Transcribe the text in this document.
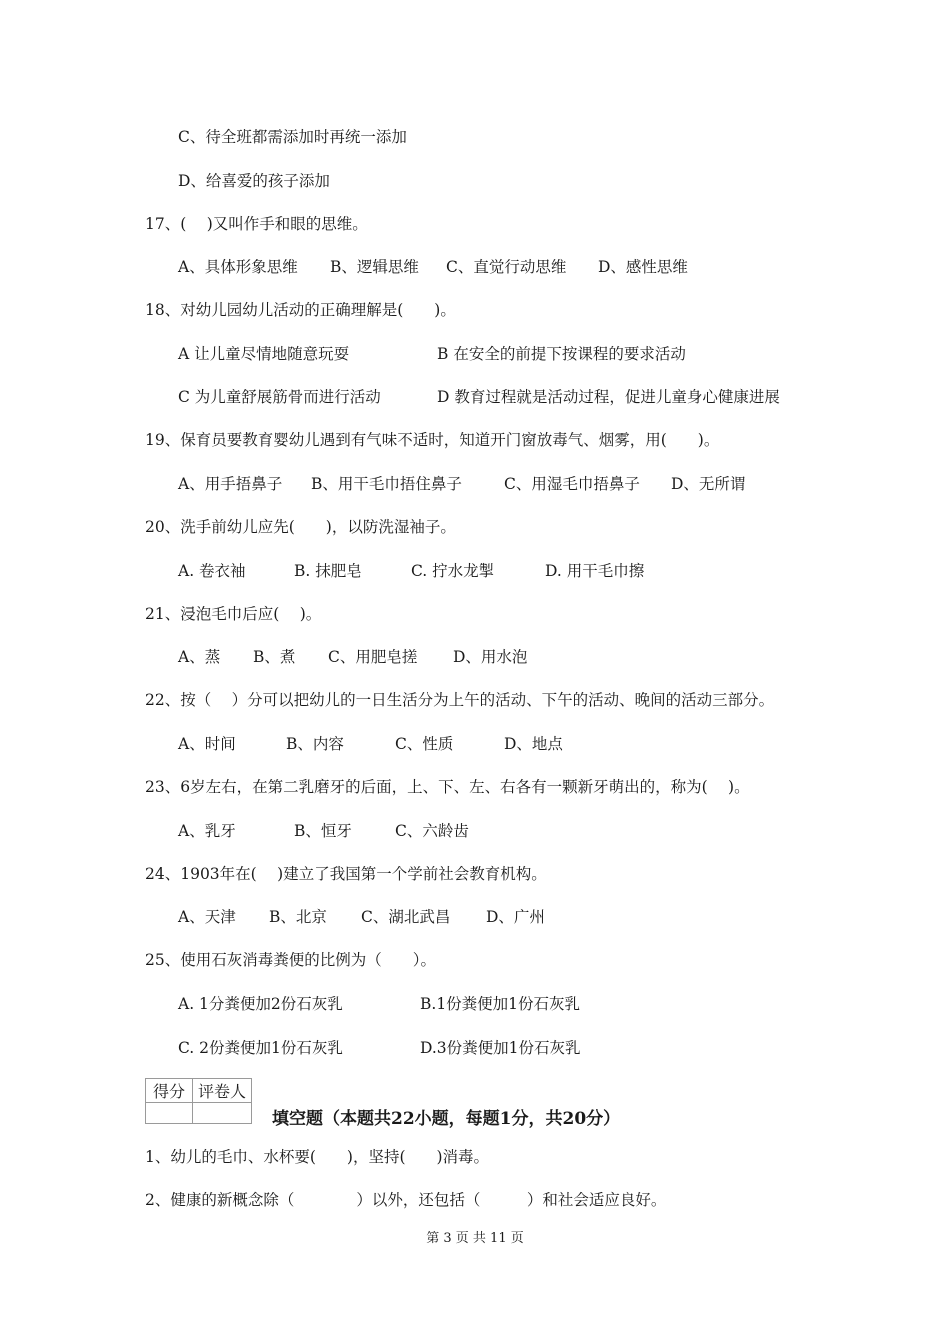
C、待全班都需添加时再统一添加
D、给喜爱的孩子添加
17、(　 )又叫作手和眼的思维。
A、具体形象思维	B、逻辑思维	C、直觉行动思维	D、感性思维
18、对幼儿园幼儿活动的正确理解是(　　)。
A 让儿童尽情地随意玩耍	B 在安全的前提下按课程的要求活动
C 为儿童舒展筋骨而进行活动	D 教育过程就是活动过程，促进儿童身心健康进展
19、保育员要教育婴幼儿遇到有气味不适时，知道开门窗放毒气、烟雾，用(　　)。
A、用手捂鼻子	B、用干毛巾捂住鼻子	C、用湿毛巾捂鼻子	D、无所谓
20、洗手前幼儿应先(　　)，以防洗湿袖子。
A. 卷衣袖	B. 抹肥皂	C. 拧水龙掣	D. 用干毛巾擦
21、浸泡毛巾后应(　 )。
A、蒸	B、煮	C、用肥皂搓	D、用水泡
22、按（　 ）分可以把幼儿的一日生活分为上午的活动、下午的活动、晚间的活动三部分。
A、时间	B、内容	C、性质	D、地点
23、6岁左右，在第二乳磨牙的后面，上、下、左、右各有一颗新牙萌出的，称为(　 )。
A、乳牙	B、恒牙	C、六龄齿
24、1903年在(　 )建立了我国第一个学前社会教育机构。
A、天津	B、北京	C、湖北武昌	D、广州
25、使用石灰消毒粪便的比例为（　　）。
A. 1分粪便加2份石灰乳	B.1份粪便加1份石灰乳
C. 2份粪便加1份石灰乳	D.3份粪便加1份石灰乳
得分	评卷人

填空题（本题共22小题，每题1分，共20分）
1、幼儿的毛巾、水杯要(　　)，坚持(　　)消毒。
2、健康的新概念除（　　　　）以外，还包括（　　　）和社会适应良好。
第 3 页 共 11 页
